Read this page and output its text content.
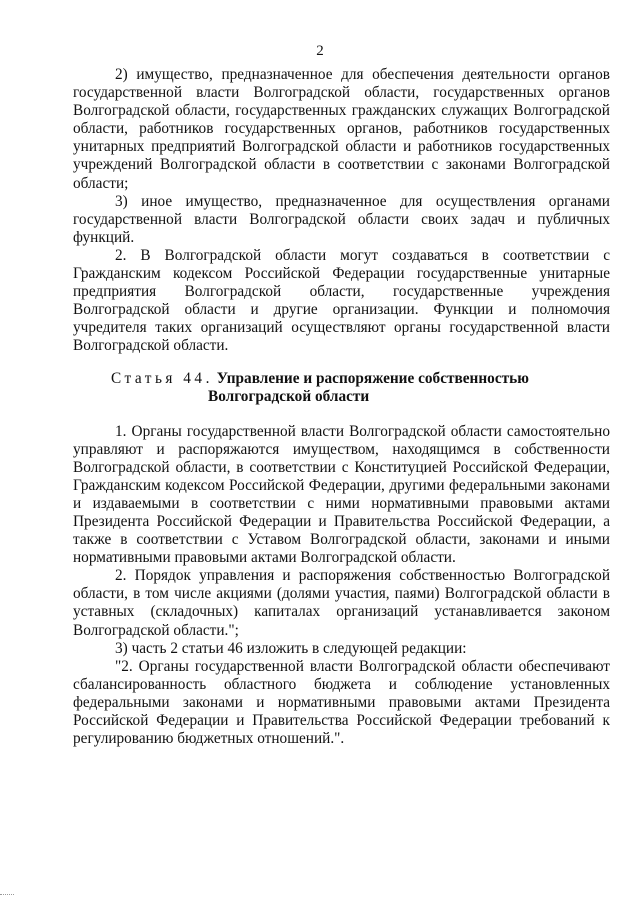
2

2) имущество, предназначенное для обеспечения деятельности органов государственной власти Волгоградской области, государственных органов Волгоградской области, государственных гражданских служащих Волгоградской области, работников государственных органов, работников государственных унитарных предприятий Волгоградской области и работников государственных учреждений Волгоградской области в соответствии с законами Волгоградской области;

3) иное имущество, предназначенное для осуществления органами государственной власти Волгоградской области своих задач и публичных функций.

2. В Волгоградской области могут создаваться в соответствии с Гражданским кодексом Российской Федерации государственные унитарные предприятия Волгоградской области, государственные учреждения Волгоградской области и другие организации. Функции и полномочия учредителя таких организаций осуществляют органы государственной власти Волгоградской области.

Статья 44. Управление и распоряжение собственностью
Волгоградской области

1. Органы государственной власти Волгоградской области самостоятельно управляют и распоряжаются имуществом, находящимся в собственности Волгоградской области, в соответствии с Конституцией Российской Федерации, Гражданским кодексом Российской Федерации, другими федеральными законами и издаваемыми в соответствии с ними нормативными правовыми актами Президента Российской Федерации и Правительства Российской Федерации, а также в соответствии с Уставом Волгоградской области, законами и иными нормативными правовыми актами Волгоградской области.

2. Порядок управления и распоряжения собственностью Волгоградской области, в том числе акциями (долями участия, паями) Волгоградской области в уставных (складочных) капиталах организаций устанавливается законом Волгоградской области.";

3) часть 2 статьи 46 изложить в следующей редакции:

"2. Органы государственной власти Волгоградской области обеспечивают сбалансированность областного бюджета и соблюдение установленных федеральными законами и нормативными правовыми актами Президента Российской Федерации и Правительства Российской Федерации требований к регулированию бюджетных отношений.".
